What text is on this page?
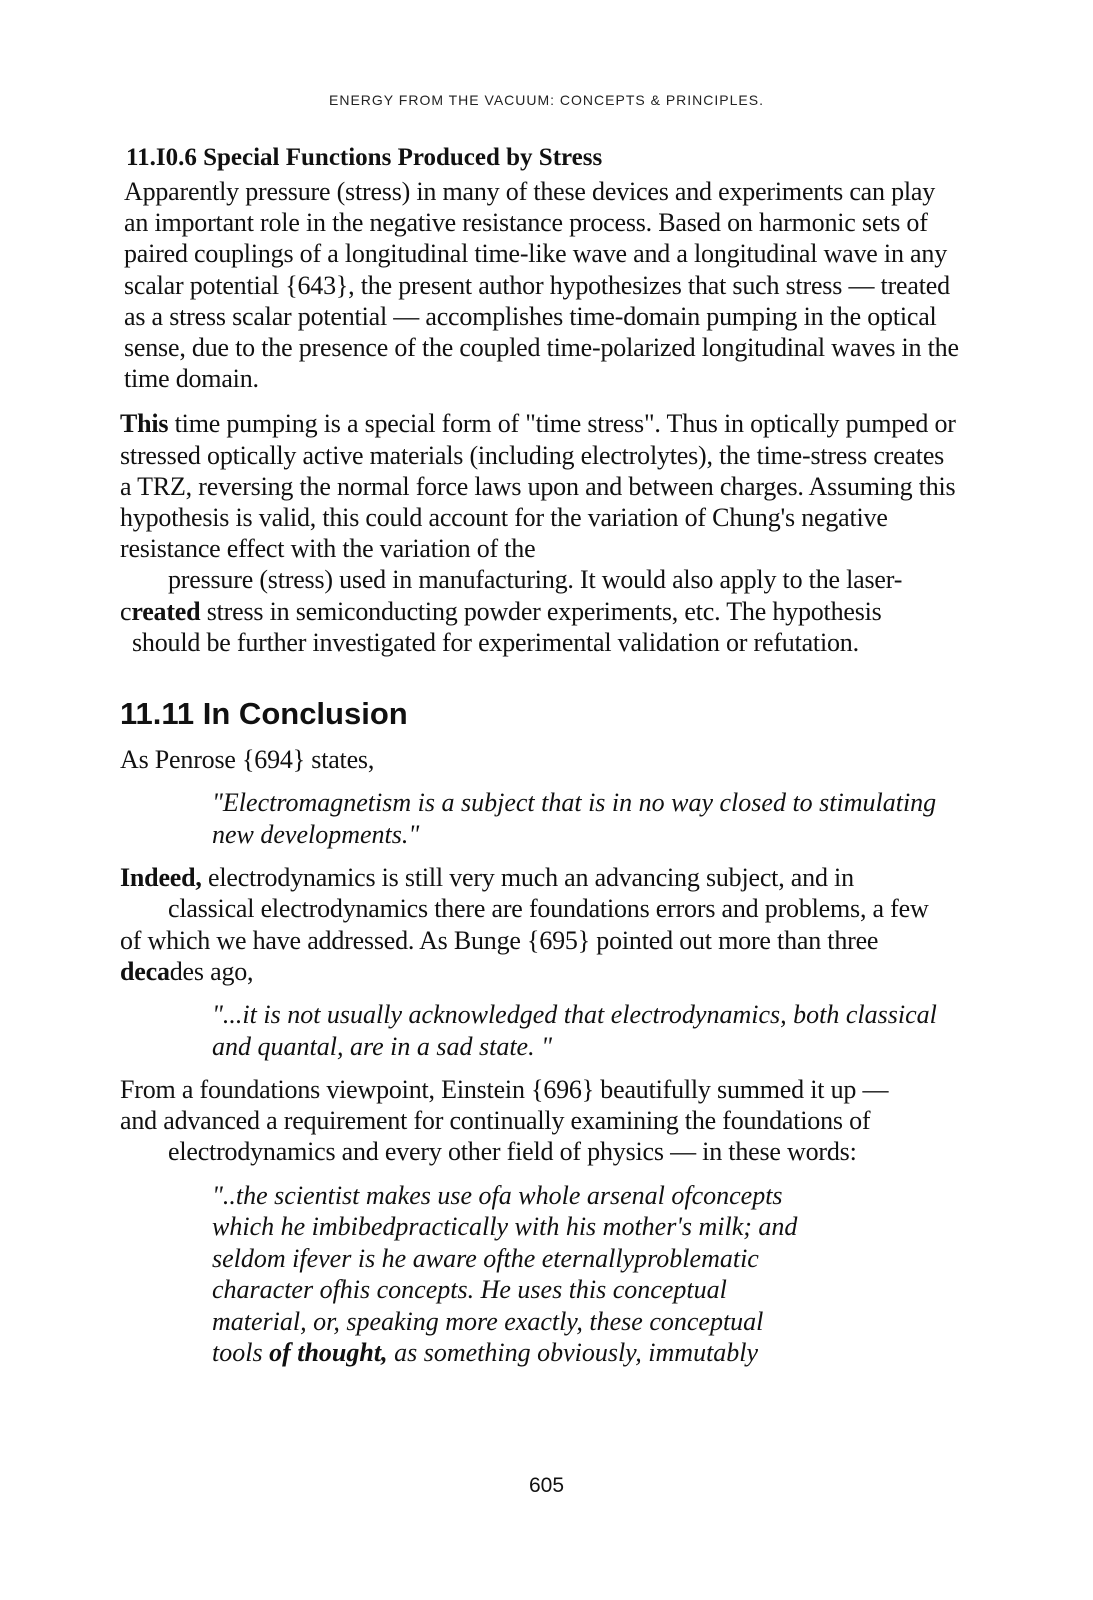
ENERGY FROM THE VACUUM: CONCEPTS & PRINCIPLES.
11.I0.6 Special Functions Produced by Stress

Apparently pressure (stress) in many of these devices and experiments can play an important role in the negative resistance process. Based on harmonic sets of paired couplings of a longitudinal time-like wave and a longitudinal wave in any scalar potential {643}, the present author hypothesizes that such stress — treated as a stress scalar potential — accomplishes time-domain pumping in the optical sense, due to the presence of the coupled time-polarized longitudinal waves in the time domain.

This time pumping is a special form of "time stress". Thus in optically pumped or stressed optically active materials (including electrolytes), the time-stress creates a TRZ, reversing the normal force laws upon and between charges. Assuming this hypothesis is valid, this could account for the variation of Chung's negative resistance effect with the variation of the
pressure (stress) used in manufacturing. It would also apply to the laser-
created stress in semiconducting powder experiments, etc. The hypothesis
should be further investigated for experimental validation or refutation.

11.11 In Conclusion

As Penrose {694} states,

"Electromagnetism is a subject that is in no way closed to stimulating new developments."

Indeed, electrodynamics is still very much an advancing subject, and in
classical electrodynamics there are foundations errors and problems, a few
of which we have addressed. As Bunge {695} pointed out more than three
decades ago,

"...it is not usually acknowledged that electrodynamics, both classical and quantal, are in a sad state. "

From a foundations viewpoint, Einstein {696} beautifully summed it up —
and advanced a requirement for continually examining the foundations of
electrodynamics and every other field of physics — in these words:

"..the scientist makes use ofa whole arsenal ofconcepts
which he imbibedpractically with his mother's milk; and
seldom ifever is he aware ofthe eternallyproblematic
character ofhis concepts. He uses this conceptual
material, or, speaking more exactly, these conceptual
tools of thought, as something obviously, immutably

605
